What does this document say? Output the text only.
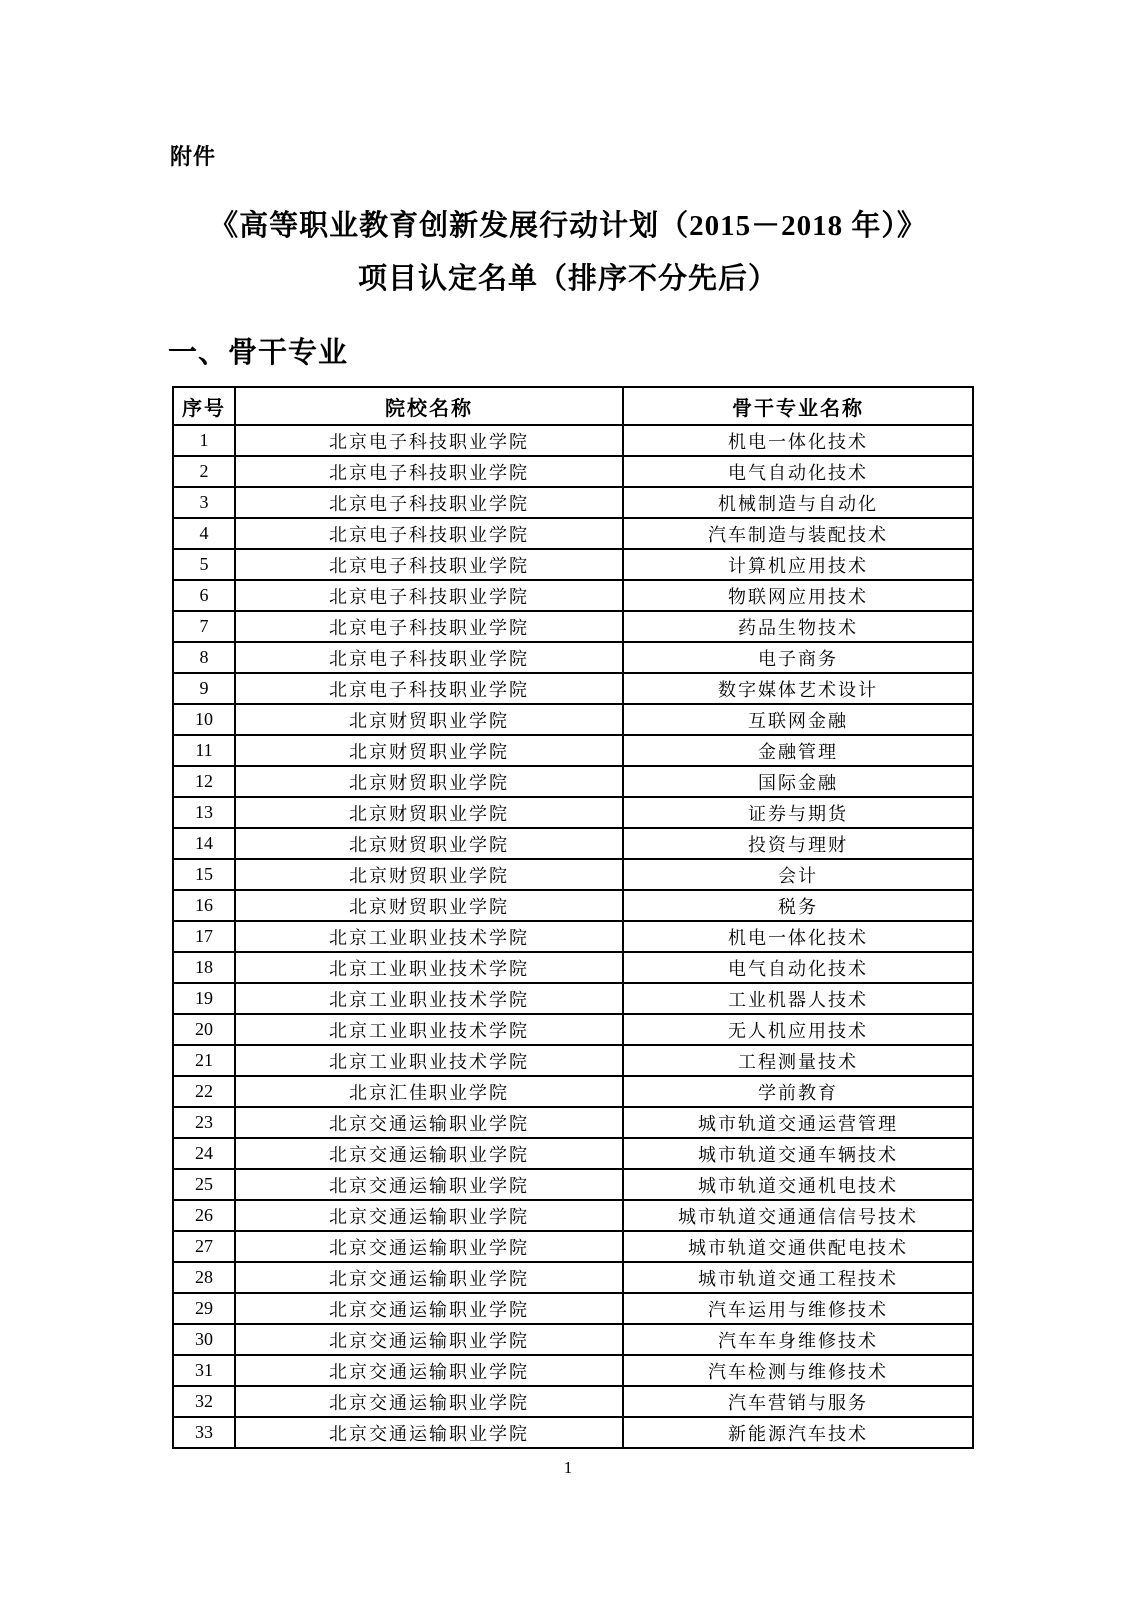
附件
《高等职业教育创新发展行动计划（2015－2018 年）》
项目认定名单（排序不分先后）
一、骨干专业
序号	院校名称	骨干专业名称
1	北京电子科技职业学院	机电一体化技术
2	北京电子科技职业学院	电气自动化技术
3	北京电子科技职业学院	机械制造与自动化
4	北京电子科技职业学院	汽车制造与装配技术
5	北京电子科技职业学院	计算机应用技术
6	北京电子科技职业学院	物联网应用技术
7	北京电子科技职业学院	药品生物技术
8	北京电子科技职业学院	电子商务
9	北京电子科技职业学院	数字媒体艺术设计
10	北京财贸职业学院	互联网金融
11	北京财贸职业学院	金融管理
12	北京财贸职业学院	国际金融
13	北京财贸职业学院	证券与期货
14	北京财贸职业学院	投资与理财
15	北京财贸职业学院	会计
16	北京财贸职业学院	税务
17	北京工业职业技术学院	机电一体化技术
18	北京工业职业技术学院	电气自动化技术
19	北京工业职业技术学院	工业机器人技术
20	北京工业职业技术学院	无人机应用技术
21	北京工业职业技术学院	工程测量技术
22	北京汇佳职业学院	学前教育
23	北京交通运输职业学院	城市轨道交通运营管理
24	北京交通运输职业学院	城市轨道交通车辆技术
25	北京交通运输职业学院	城市轨道交通机电技术
26	北京交通运输职业学院	城市轨道交通通信信号技术
27	北京交通运输职业学院	城市轨道交通供配电技术
28	北京交通运输职业学院	城市轨道交通工程技术
29	北京交通运输职业学院	汽车运用与维修技术
30	北京交通运输职业学院	汽车车身维修技术
31	北京交通运输职业学院	汽车检测与维修技术
32	北京交通运输职业学院	汽车营销与服务
33	北京交通运输职业学院	新能源汽车技术
1
